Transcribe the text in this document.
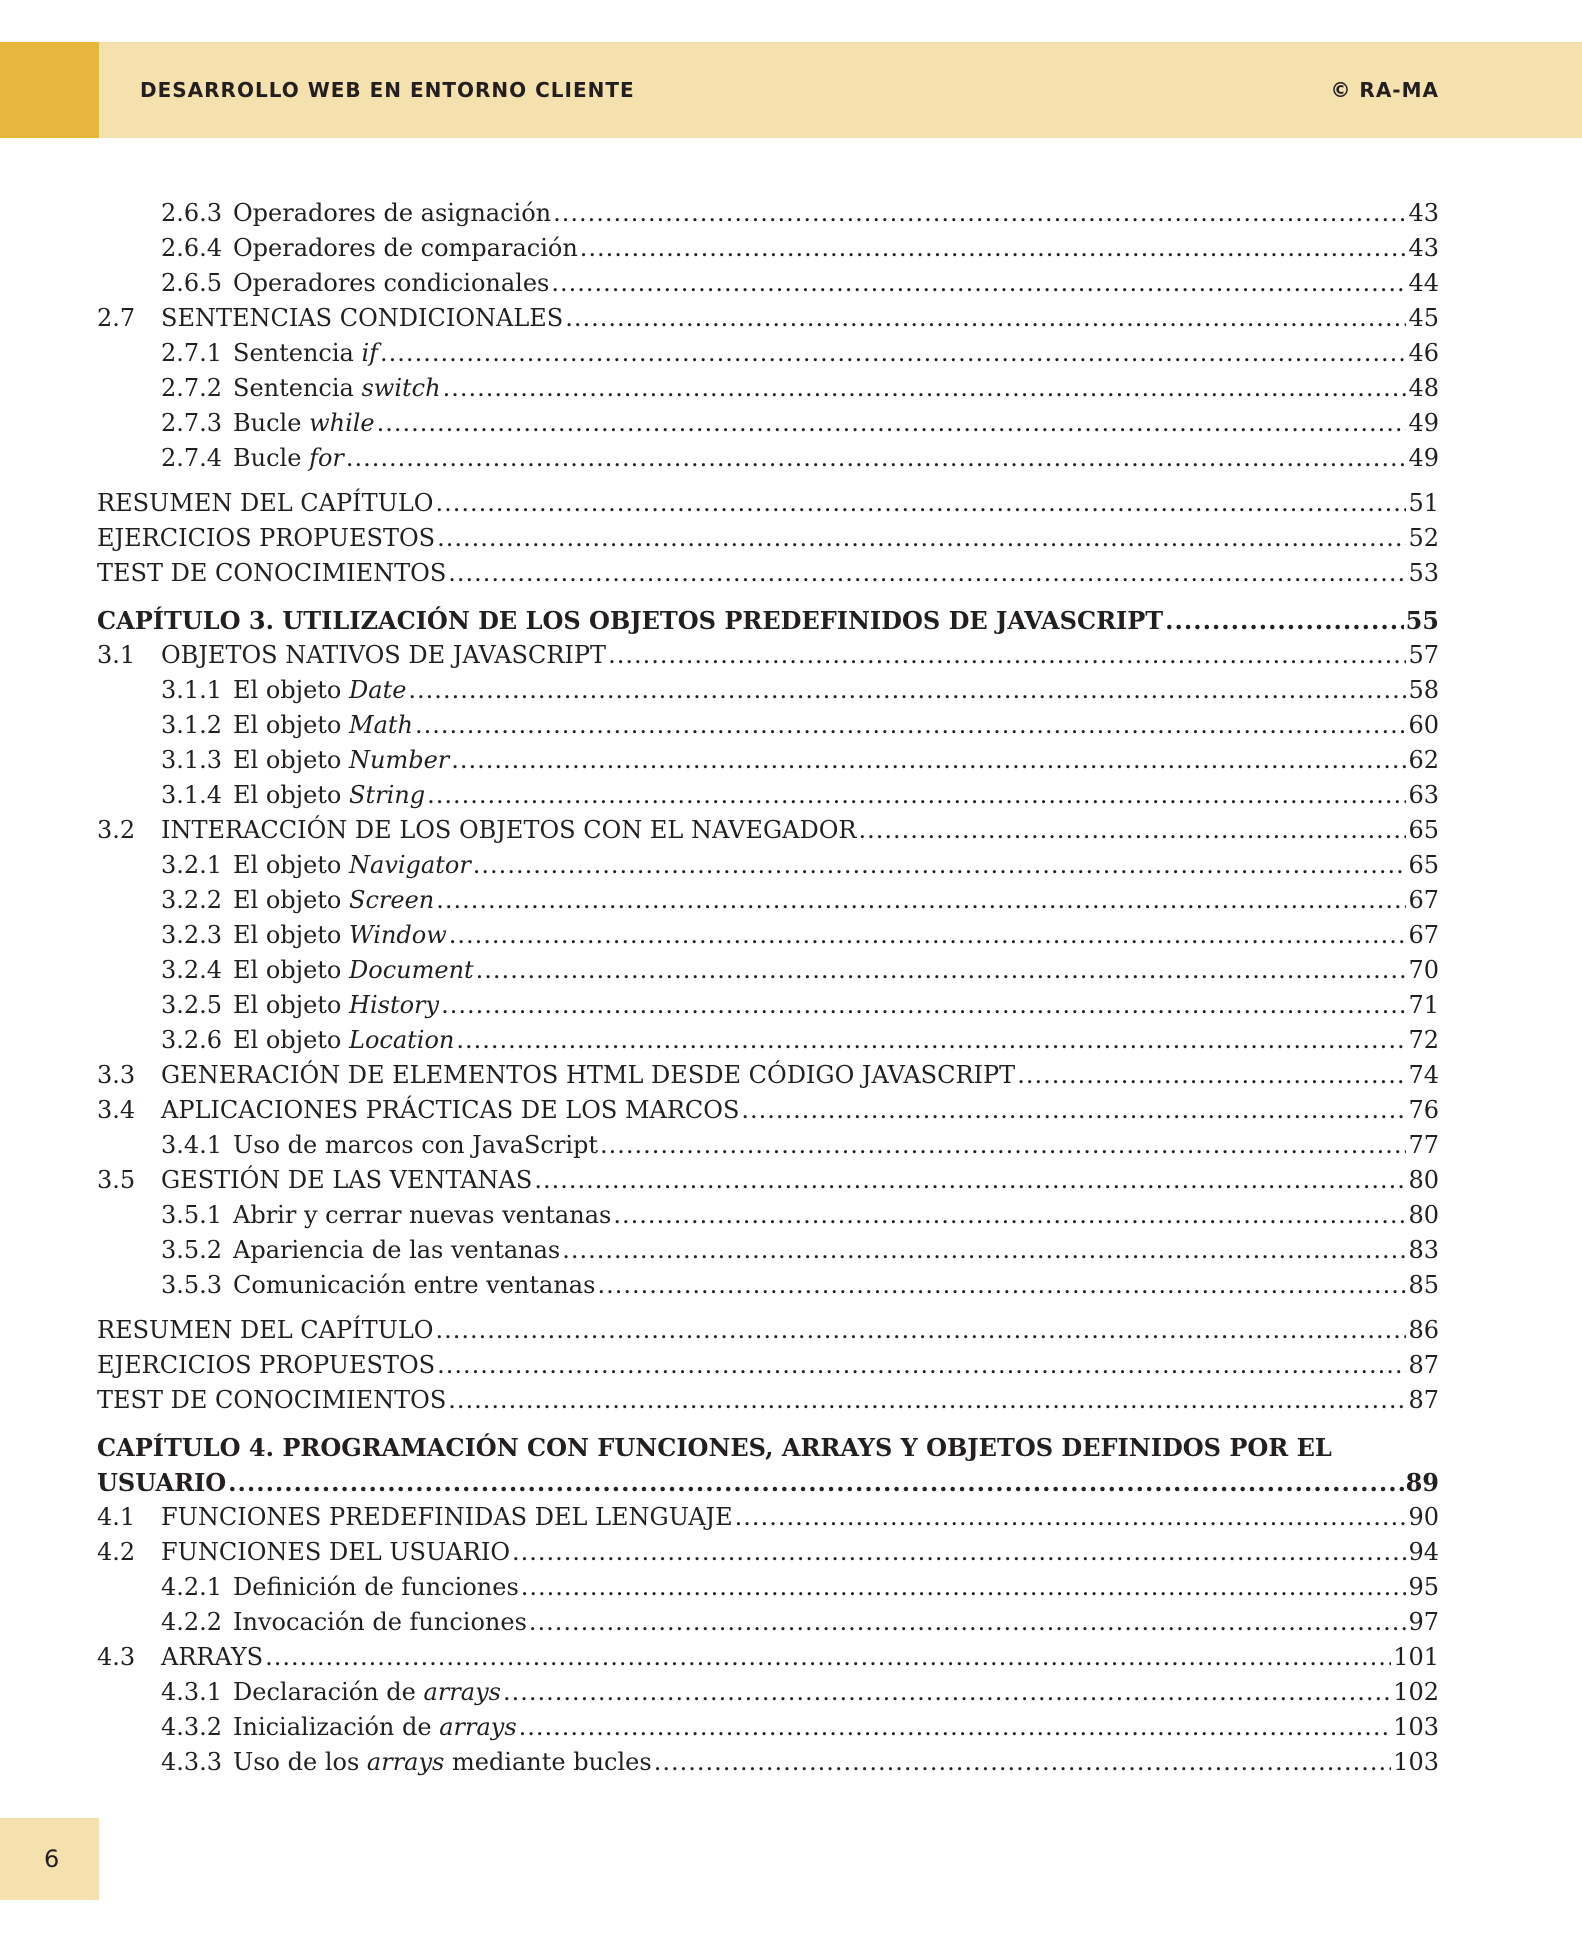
DESARROLLO WEB EN ENTORNO CLIENTE	© RA-MA
2.6.3 Operadores de asignación .....	43
2.6.4 Operadores de comparación .....	43
2.6.5 Operadores condicionales .....	44
2.7	SENTENCIAS CONDICIONALES .....	45
2.7.1 Sentencia if .....	46
2.7.2 Sentencia switch .....	48
2.7.3 Bucle while .....	49
2.7.4 Bucle for .....	49
RESUMEN DEL CAPÍTULO .....	51
EJERCICIOS PROPUESTOS .....	52
TEST DE CONOCIMIENTOS .....	53
CAPÍTULO 3. UTILIZACIÓN DE LOS OBJETOS PREDEFINIDOS DE JAVASCRIPT .....	55
3.1	OBJETOS NATIVOS DE JAVASCRIPT .....	57
3.1.1 El objeto Date .....	58
3.1.2 El objeto Math .....	60
3.1.3 El objeto Number .....	62
3.1.4 El objeto String .....	63
3.2	INTERACCIÓN DE LOS OBJETOS CON EL NAVEGADOR .....	65
3.2.1 El objeto Navigator .....	65
3.2.2 El objeto Screen .....	67
3.2.3 El objeto Window .....	67
3.2.4 El objeto Document .....	70
3.2.5 El objeto History .....	71
3.2.6 El objeto Location .....	72
3.3	GENERACIÓN DE ELEMENTOS HTML DESDE CÓDIGO JAVASCRIPT .....	74
3.4	APLICACIONES PRÁCTICAS DE LOS MARCOS .....	76
3.4.1 Uso de marcos con JavaScript .....	77
3.5	GESTIÓN DE LAS VENTANAS .....	80
3.5.1 Abrir y cerrar nuevas ventanas .....	80
3.5.2 Apariencia de las ventanas .....	83
3.5.3 Comunicación entre ventanas .....	85
RESUMEN DEL CAPÍTULO .....	86
EJERCICIOS PROPUESTOS .....	87
TEST DE CONOCIMIENTOS .....	87
CAPÍTULO 4. PROGRAMACIÓN CON FUNCIONES, ARRAYS Y OBJETOS DEFINIDOS POR EL
USUARIO .....	89
4.1	FUNCIONES PREDEFINIDAS DEL LENGUAJE .....	90
4.2	FUNCIONES DEL USUARIO .....	94
4.2.1 Definición de funciones .....	95
4.2.2 Invocación de funciones .....	97
4.3	ARRAYS .....	101
4.3.1 Declaración de arrays .....	102
4.3.2 Inicialización de arrays .....	103
4.3.3 Uso de los arrays mediante bucles .....	103
6
